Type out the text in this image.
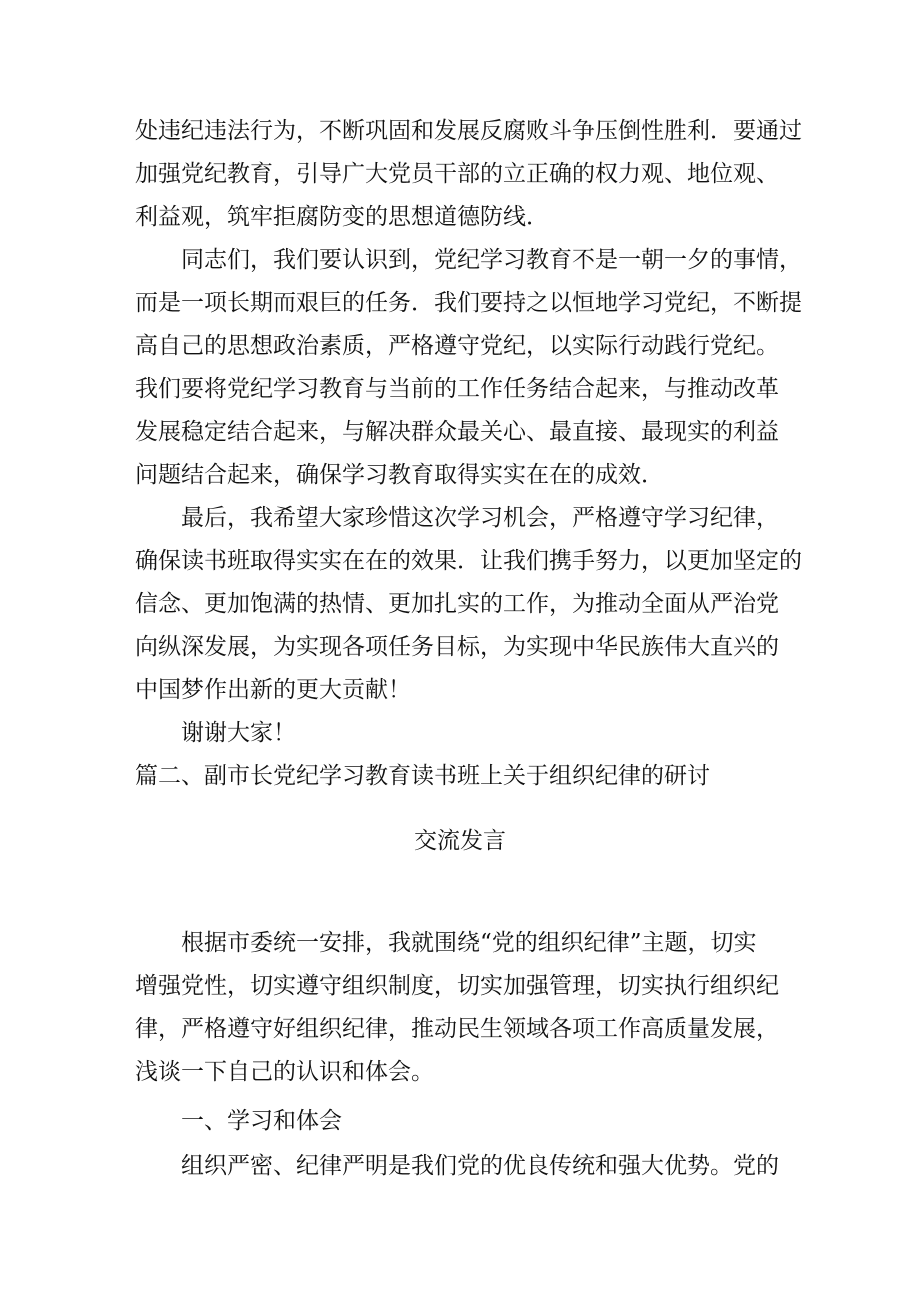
处违纪违法行为，不断巩固和发展反腐败斗争压倒性胜利．要通过
加强党纪教育，引导广大党员干部的立正确的权力观、地位观、
利益观，筑牢拒腐防变的思想道德防线．
同志们，我们要认识到，党纪学习教育不是一朝一夕的事情，
而是一项长期而艰巨的任务．我们要持之以恒地学习党纪，不断提
高自己的思想政治素质，严格遵守党纪，以实际行动践行党纪。
我们要将党纪学习教育与当前的工作任务结合起来，与推动改革
发展稳定结合起来，与解决群众最关心、最直接、最现实的利益
问题结合起来，确保学习教育取得实实在在的成效．
最后，我希望大家珍惜这次学习机会，严格遵守学习纪律，
确保读书班取得实实在在的效果．让我们携手努力，以更加坚定的
信念、更加饱满的热情、更加扎实的工作，为推动全面从严治党
向纵深发展，为实现各项任务目标，为实现中华民族伟大直兴的
中国梦作出新的更大贡献！
谢谢大家！
篇二、副市长党纪学习教育读书班上关于组织纪律的研讨
交流发言
根据市委统一安排，我就围绕“党的组织纪律”主题，切实
增强党性，切实遵守组织制度，切实加强管理，切实执行组织纪
律，严格遵守好组织纪律，推动民生领域各项工作高质量发展，
浅谈一下自己的认识和体会。
一、学习和体会
组织严密、纪律严明是我们党的优良传统和强大优势。党的
